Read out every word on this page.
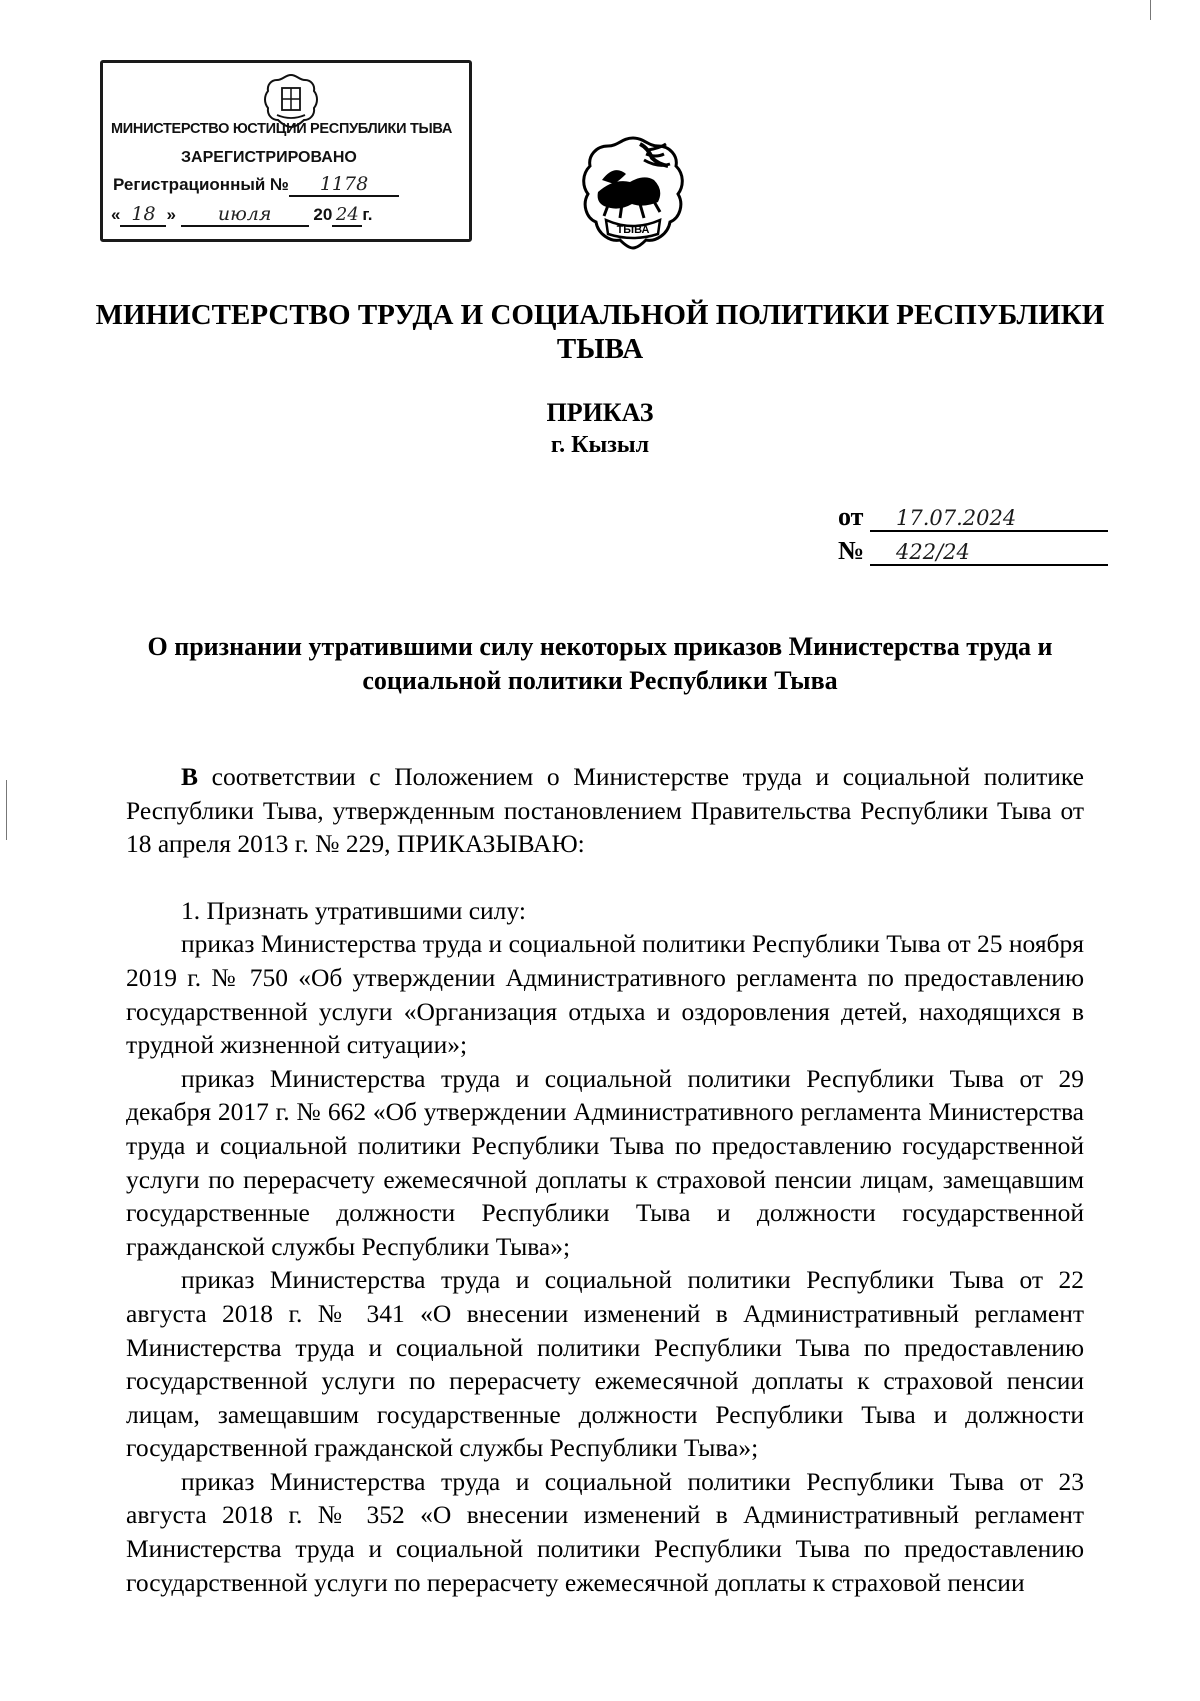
МИНИСТЕРСТВО ЮСТИЦИИ РЕСПУБЛИКИ ТЫВА
ЗАРЕГИСТРИРОВАНО
Регистрационный № 1178
« 18 » июля 20 24 г.
ТЫВА
МИНИСТЕРСТВО ТРУДА И СОЦИАЛЬНОЙ ПОЛИТИКИ РЕСПУБЛИКИ
ТЫВА
ПРИКАЗ
г. Кызыл
от	17.07.2024
№	422/24
О признании утратившими силу некоторых приказов Министерства труда и
социальной политики Республики Тыва

В соответствии с Положением о Министерстве труда и социальной политике Республики Тыва, утвержденным постановлением Правительства Республики Тыва от 18 апреля 2013 г. № 229, ПРИКАЗЫВАЮ:

1. Признать утратившими силу:

приказ Министерства труда и социальной политики Республики Тыва от 25 ноября 2019 г. № 750 «Об утверждении Административного регламента по предоставлению государственной услуги «Организация отдыха и оздоровления детей, находящихся в трудной жизненной ситуации»;

приказ Министерства труда и социальной политики Республики Тыва от 29 декабря 2017 г. № 662 «Об утверждении Административного регламента Министерства труда и социальной политики Республики Тыва по предоставлению государственной услуги по перерасчету ежемесячной доплаты к страховой пенсии лицам, замещавшим государственные должности Республики Тыва и должности государственной гражданской службы Республики Тыва»;

приказ Министерства труда и социальной политики Республики Тыва от 22 августа 2018 г. № 341 «О внесении изменений в Административный регламент Министерства труда и социальной политики Республики Тыва по предоставлению государственной услуги по перерасчету ежемесячной доплаты к страховой пенсии лицам, замещавшим государственные должности Республики Тыва и должности государственной гражданской службы Республики Тыва»;

приказ Министерства труда и социальной политики Республики Тыва от 23 августа 2018 г. № 352 «О внесении изменений в Административный регламент Министерства труда и социальной политики Республики Тыва по предоставлению государственной услуги по перерасчету ежемесячной доплаты к страховой пенсии
